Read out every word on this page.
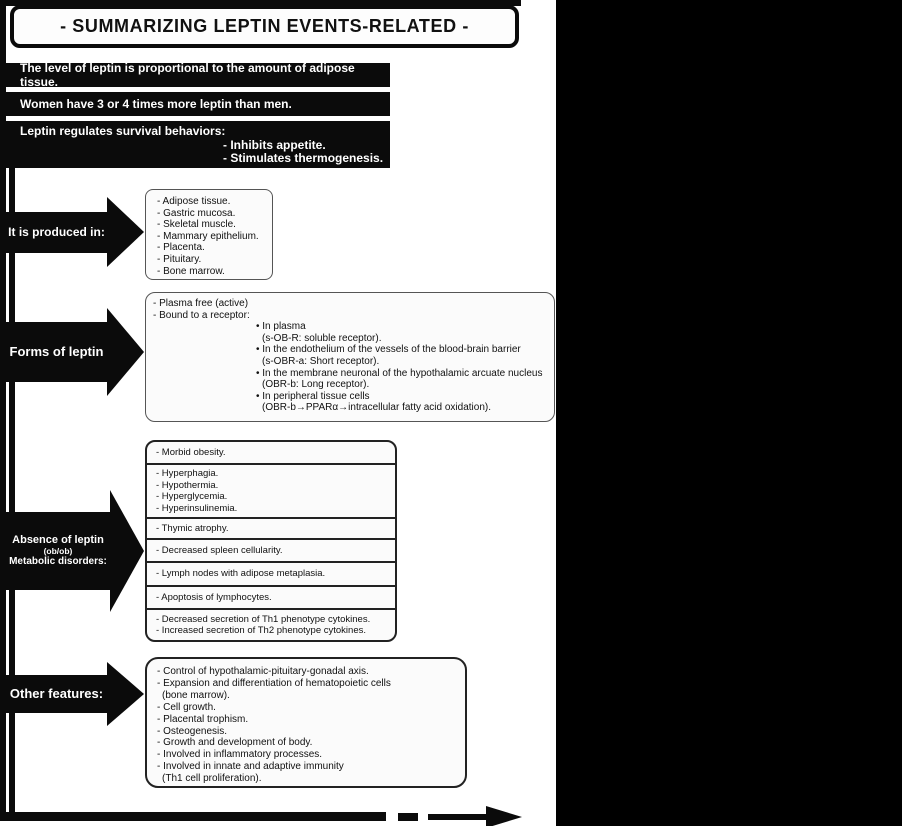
- SUMMARIZING LEPTIN EVENTS-RELATED -
The level of leptin is proportional to the amount of adipose tissue.
Women have 3 or 4 times more leptin than men.
Leptin regulates survival behaviors:
- Inhibits appetite.
- Stimulates thermogenesis.
It is produced in:
- Adipose tissue.
- Gastric mucosa.
- Skeletal muscle.
- Mammary epithelium.
- Placenta.
- Pituitary.
- Bone marrow.
Forms of leptin
- Plasma free (active)
- Bound to a receptor:
• In plasma
(s-OB-R: soluble receptor).
• In the endothelium of the vessels of the blood-brain barrier
(s-OBR-a: Short receptor).
• In the membrane neuronal of the hypothalamic arcuate nucleus
(OBR-b: Long receptor).
• In peripheral tissue cells
(OBR-b→PPARα→intracellular fatty acid oxidation).
Absence of leptin
(ob/ob)
Metabolic disorders:
- Morbid obesity.
- Hyperphagia.
- Hypothermia.
- Hyperglycemia.
- Hyperinsulinemia.
- Thymic atrophy.
- Decreased spleen cellularity.
- Lymph nodes with adipose metaplasia.
- Apoptosis of lymphocytes.
- Decreased secretion of Th1 phenotype cytokines.
- Increased secretion of Th2 phenotype cytokines.
Other features:
- Control of hypothalamic-pituitary-gonadal axis.
- Expansion and differentiation of hematopoietic cells
(bone marrow).
- Cell growth.
- Placental trophism.
- Osteogenesis.
- Growth and development of body.
- Involved in inflammatory processes.
- Involved in innate and adaptive immunity
(Th1 cell proliferation).
